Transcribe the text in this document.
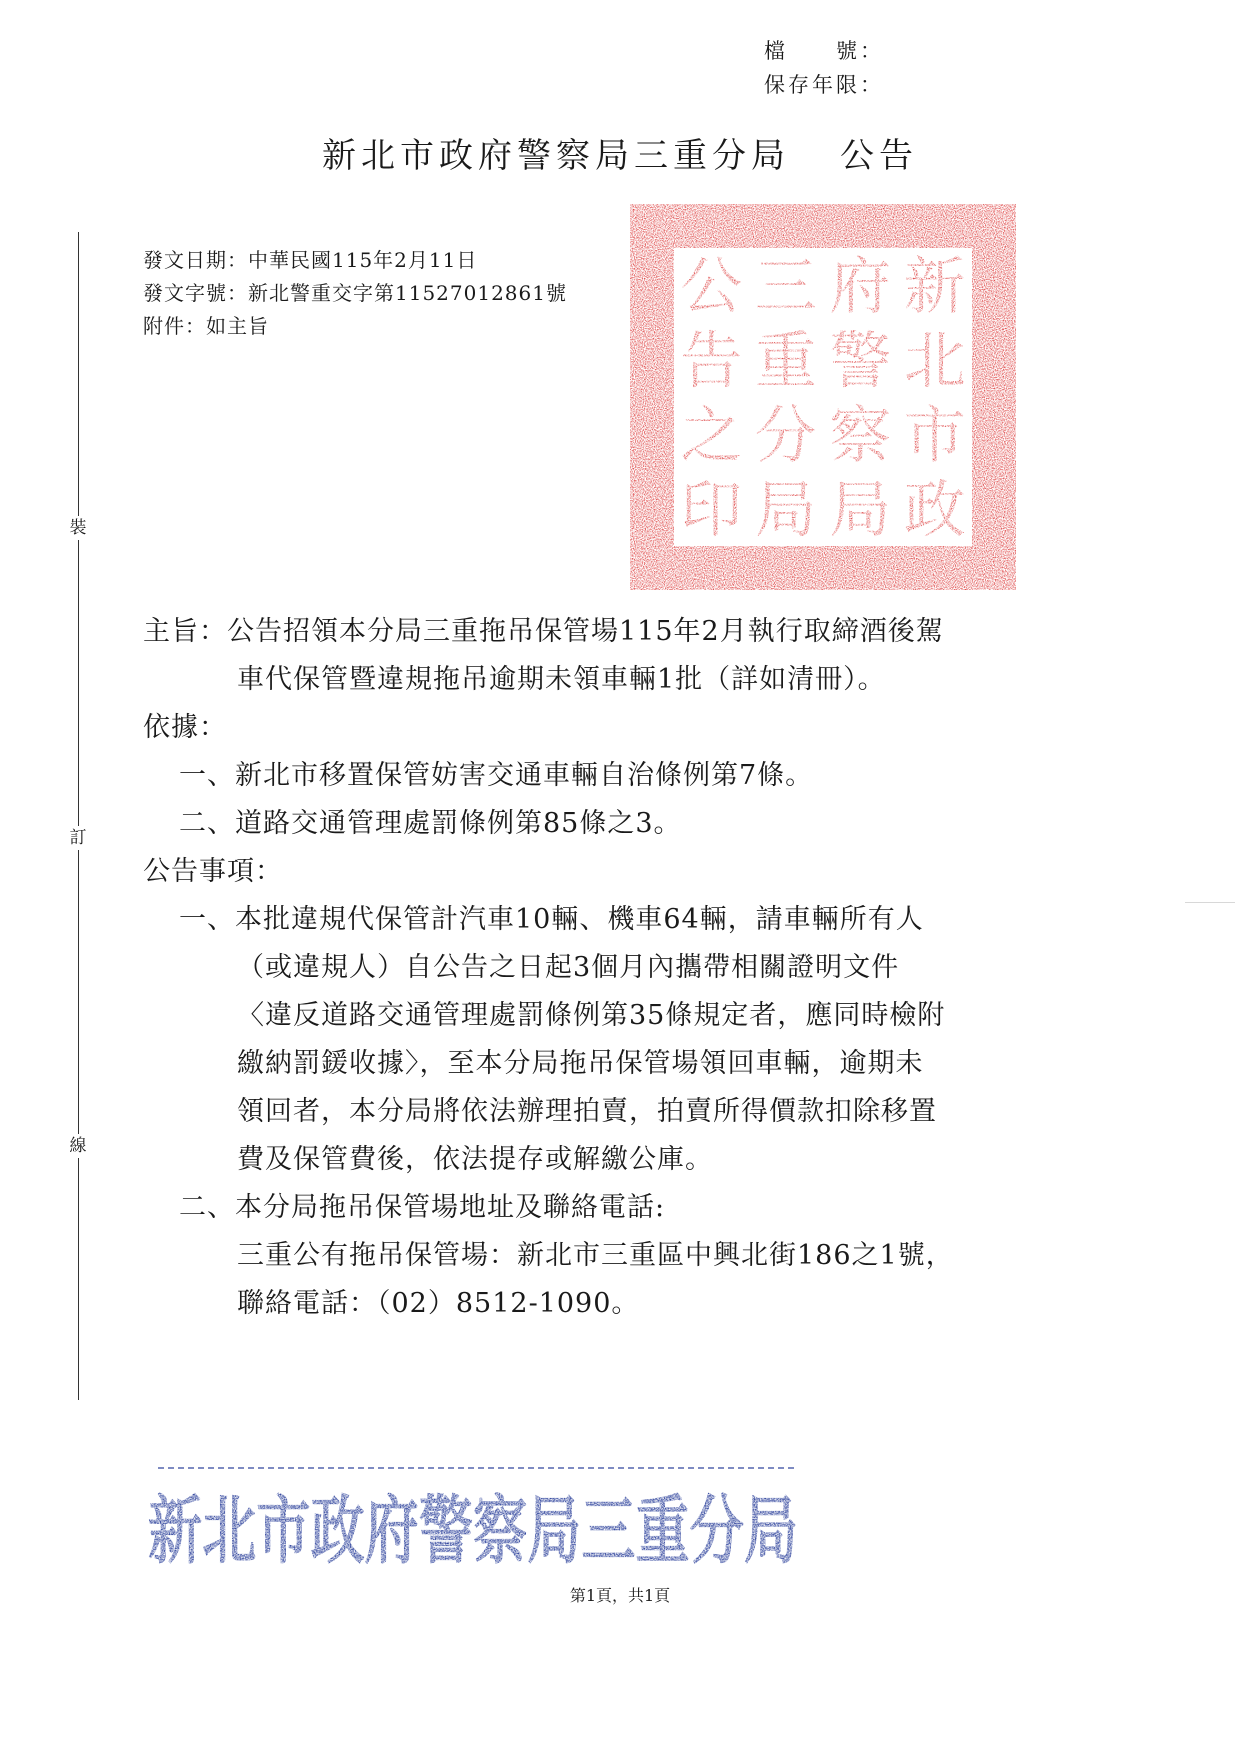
檔　　號：
保存年限：
新北市政府警察局三重分局 公告
裝
訂
線
發文日期：中華民國115年2月11日
發文字號：新北警重交字第11527012861號
附件：如主旨
新
北
市
政
府
警
察
局
三
重
分
局
公
告
之
印
主旨：公告招領本分局三重拖吊保管場115年2月執行取締酒後駕
車代保管暨違規拖吊逾期未領車輛1批（詳如清冊）。
依據：
一、新北市移置保管妨害交通車輛自治條例第7條。
二、道路交通管理處罰條例第85條之3。
公告事項：
一、本批違規代保管計汽車10輛、機車64輛，請車輛所有人
（或違規人）自公告之日起3個月內攜帶相關證明文件
〈違反道路交通管理處罰條例第35條規定者，應同時檢附
繳納罰鍰收據〉，至本分局拖吊保管場領回車輛，逾期未
領回者，本分局將依法辦理拍賣，拍賣所得價款扣除移置
費及保管費後，依法提存或解繳公庫。
二、本分局拖吊保管場地址及聯絡電話:
三重公有拖吊保管場：新北市三重區中興北街186之1號，
聯絡電話：（02）8512-1090。
新北市政府警察局三重分局
第1頁，共1頁
